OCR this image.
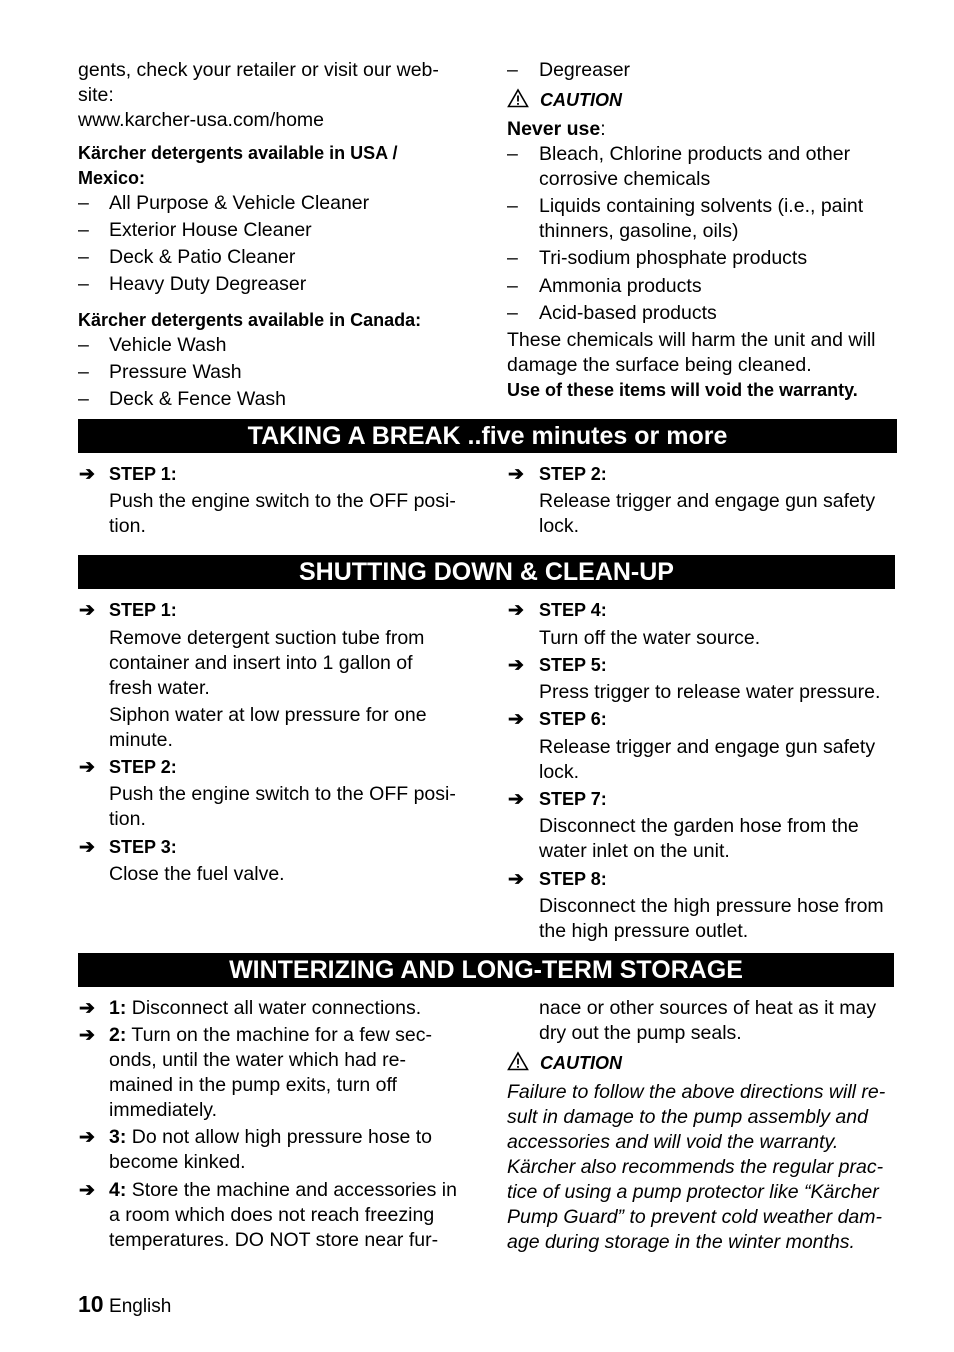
gents, check your retailer or visit our web-
site:
www.karcher-usa.com/home
Kärcher detergents available in USA /
Mexico:
– All Purpose & Vehicle Cleaner
– Exterior House Cleaner
– Deck & Patio Cleaner
– Heavy Duty Degreaser
Kärcher detergents available in Canada:
– Vehicle Wash
– Pressure Wash
– Deck & Fence Wash
– Degreaser
CAUTION
Never use:
– Bleach, Chlorine products and other
corrosive chemicals
– Liquids containing solvents (i.e., paint
thinners, gasoline, oils)
– Tri-sodium phosphate products
– Ammonia products
– Acid-based products
These chemicals will harm the unit and will
damage the surface being cleaned.
Use of these items will void the warranty.
TAKING A BREAK ..five minutes or more
➔ STEP 1:
Push the engine switch to the OFF posi-
tion.
➔ STEP 2:
Release trigger and engage gun safety
lock.
SHUTTING DOWN & CLEAN-UP
➔ STEP 1:
Remove detergent suction tube from
container and insert into 1 gallon of
fresh water.
Siphon water at low pressure for one
minute.
➔ STEP 2:
Push the engine switch to the OFF posi-
tion.
➔ STEP 3:
Close the fuel valve.
➔ STEP 4:
Turn off the water source.
➔ STEP 5:
Press trigger to release water pressure.
➔ STEP 6:
Release trigger and engage gun safety
lock.
➔ STEP 7:
Disconnect the garden hose from the
water inlet on the unit.
➔ STEP 8:
Disconnect the high pressure hose from
the high pressure outlet.
WINTERIZING AND LONG-TERM STORAGE
➔ 1: Disconnect all water connections.
➔ 2: Turn on the machine for a few sec-
onds, until the water which had re-
mained in the pump exits, turn off
immediately.
➔ 3: Do not allow high pressure hose to
become kinked.
➔ 4: Store the machine and accessories in
a room which does not reach freezing
temperatures. DO NOT store near fur-
nace or other sources of heat as it may
dry out the pump seals.
CAUTION
Failure to follow the above directions will re-
sult in damage to the pump assembly and
accessories and will void the warranty.
Kärcher also recommends the regular prac-
tice of using a pump protector like “Kärcher
Pump Guard” to prevent cold weather dam-
age during storage in the winter months.
10 English
